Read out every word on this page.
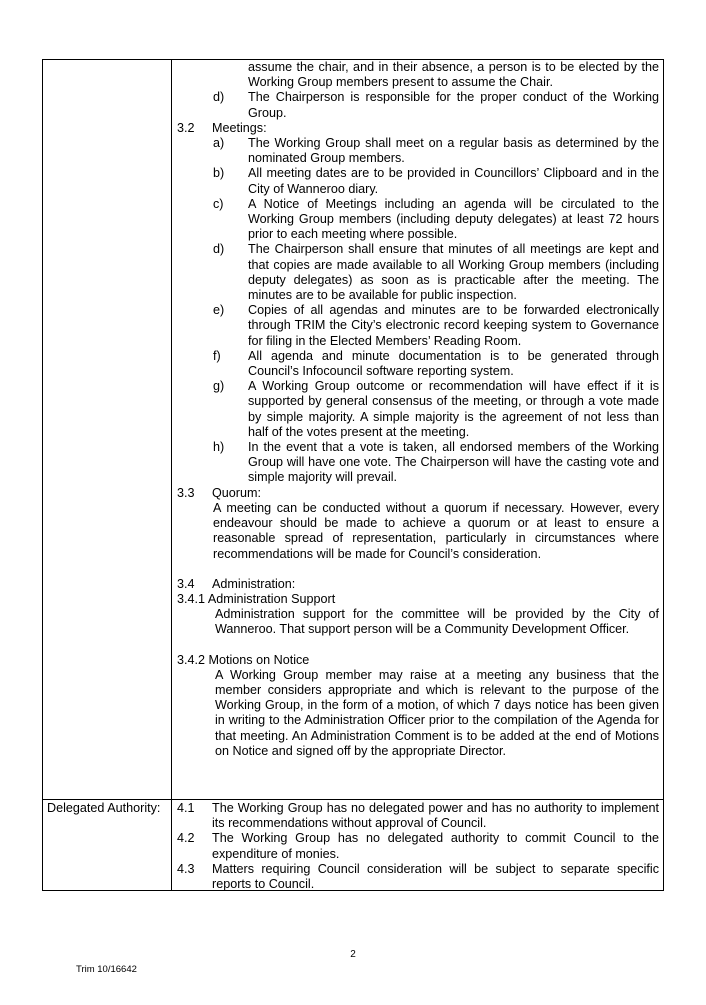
assume the chair, and in their absence, a person is to be elected by the Working Group members present to assume the Chair.
d)	The Chairperson is responsible for the proper conduct of the Working Group.
3.2	Meetings:
a)	The Working Group shall meet on a regular basis as determined by the nominated Group members.
b)	All meeting dates are to be provided in Councillors’ Clipboard and in the City of Wanneroo diary.
c)	A Notice of Meetings including an agenda will be circulated to the Working Group members (including deputy delegates) at least 72 hours prior to each meeting where possible.
d)	The Chairperson shall ensure that minutes of all meetings are kept and that copies are made available to all Working Group members (including deputy delegates) as soon as is practicable after the meeting. The minutes are to be available for public inspection.
e)	Copies of all agendas and minutes are to be forwarded electronically through TRIM the City’s electronic record keeping system to Governance for filing in the Elected Members’ Reading Room.
f)	All agenda and minute documentation is to be generated through Council’s Infocouncil software reporting system.
g)	A Working Group outcome or recommendation will have effect if it is supported by general consensus of the meeting, or through a vote made by simple majority. A simple majority is the agreement of not less than half of the votes present at the meeting.
h)	In the event that a vote is taken, all endorsed members of the Working Group will have one vote. The Chairperson will have the casting vote and simple majority will prevail.
3.3	Quorum:
A meeting can be conducted without a quorum if necessary. However, every endeavour should be made to achieve a quorum or at least to ensure a reasonable spread of representation, particularly in circumstances where recommendations will be made for Council’s consideration.
3.4	Administration:
3.4.1 Administration Support
Administration support for the committee will be provided by the City of Wanneroo. That support person will be a Community Development Officer.
3.4.2 Motions on Notice
A Working Group member may raise at a meeting any business that the member considers appropriate and which is relevant to the purpose of the Working Group, in the form of a motion, of which 7 days notice has been given in writing to the Administration Officer prior to the compilation of the Agenda for that meeting. An Administration Comment is to be added at the end of Motions on Notice and signed off by the appropriate Director.
Delegated Authority:	4.1	The Working Group has no delegated power and has no authority to implement its recommendations without approval of Council.
4.2	The Working Group has no delegated authority to commit Council to the expenditure of monies.
4.3	Matters requiring Council consideration will be subject to separate specific reports to Council.
2
Trim 10/16642
